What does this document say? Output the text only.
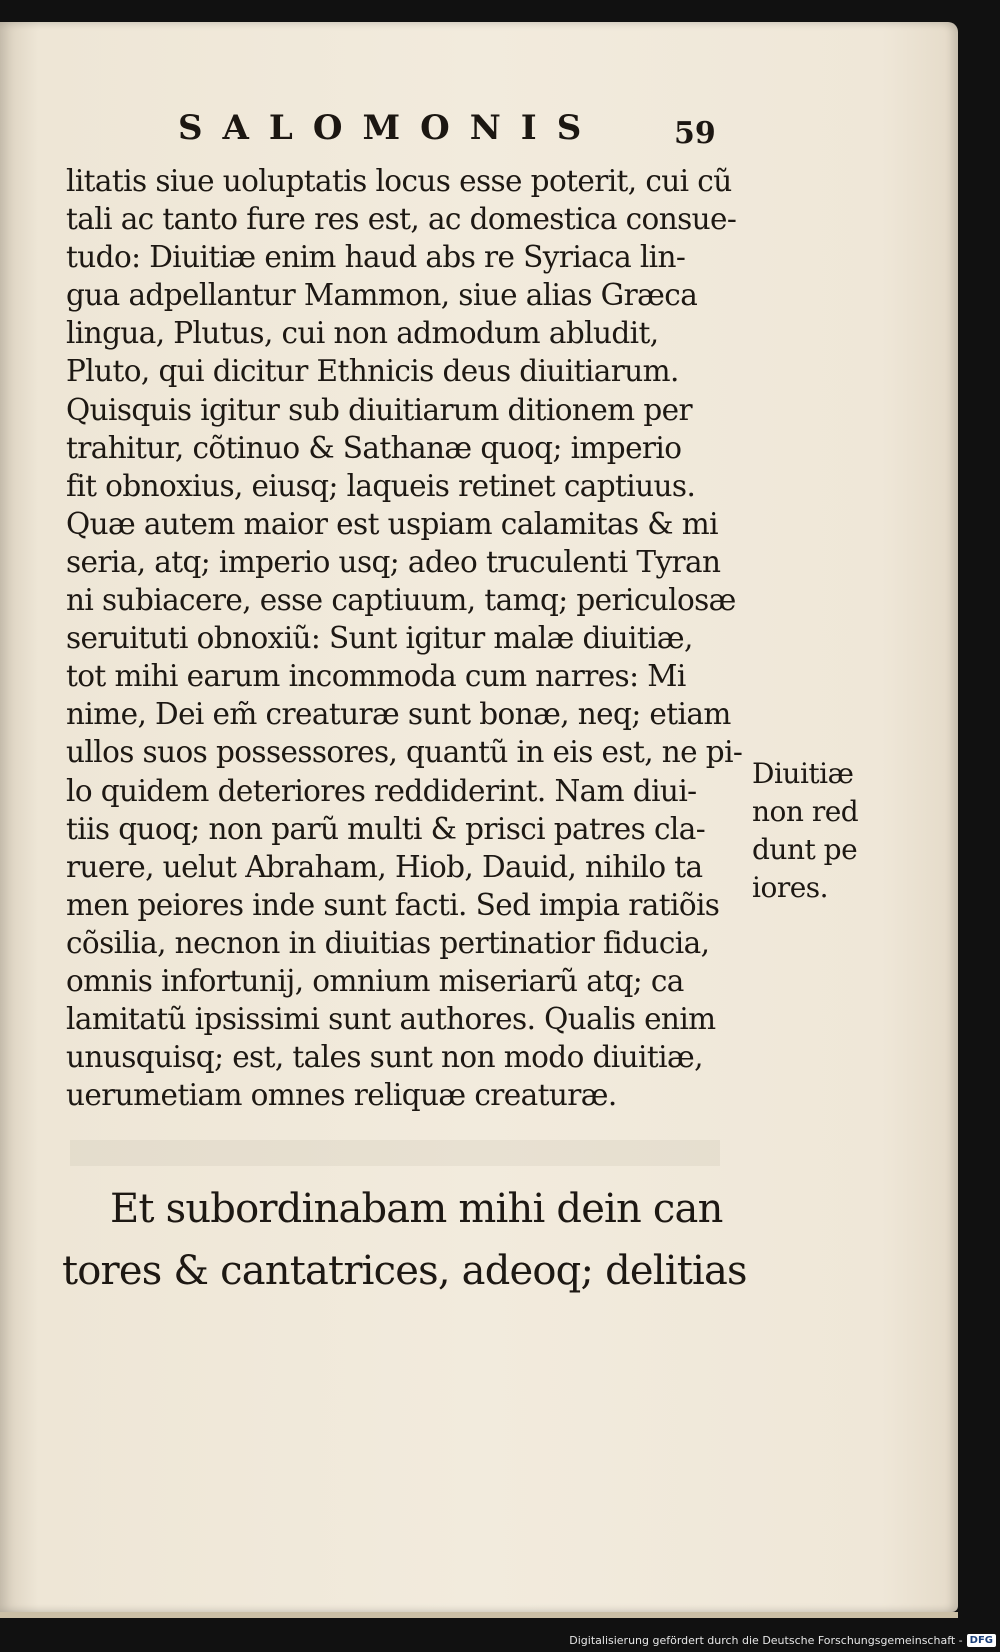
SALOMONIS 59
litatis siue uoluptatis locus esse poterit, cui cũ
tali ac tanto fure res est, ac domestica consue-
tudo: Diuitiæ enim haud abs re Syriaca lin-
gua adpellantur Mammon, siue alias Græca
lingua, Plutus, cui non admodum abludit,
Pluto, qui dicitur Ethnicis deus diuitiarum.
Quisquis igitur sub diuitiarum ditionem per
trahitur, cõtinuo & Sathanæ quoq; imperio
fit obnoxius, eiusq; laqueis retinet captiuus.
Quæ autem maior est uspiam calamitas & mi
seria, atq; imperio usq; adeo truculenti Tyran
ni subiacere, esse captiuum, tamq; periculosæ
seruituti obnoxiũ: Sunt igitur malæ diuitiæ,
tot mihi earum incommoda cum narres: Mi
nime, Dei em̃ creaturæ sunt bonæ, neq; etiam
ullos suos possessores, quantũ in eis est, ne pi-
lo quidem deteriores reddiderint. Nam diui-
tiis quoq; non parũ multi & prisci patres cla-
ruere, uelut Abraham, Hiob, Dauid, nihilo ta
men peiores inde sunt facti. Sed impia ratiõis
cõsilia, necnon in diuitias pertinatior fiducia,
omnis infortunij, omnium miseriarũ atq; ca
lamitatũ ipsissimi sunt authores. Qualis enim
unusquisq; est, tales sunt non modo diuitiæ,
uerumetiam omnes reliquæ creaturæ.
Diuitiæ
non red
dunt pe
iores.
Et subordinabam mihi dein can
tores & cantatrices, adeoq; delitias
Digitalisierung gefördert durch die Deutsche Forschungsgemeinschaft - DFG
